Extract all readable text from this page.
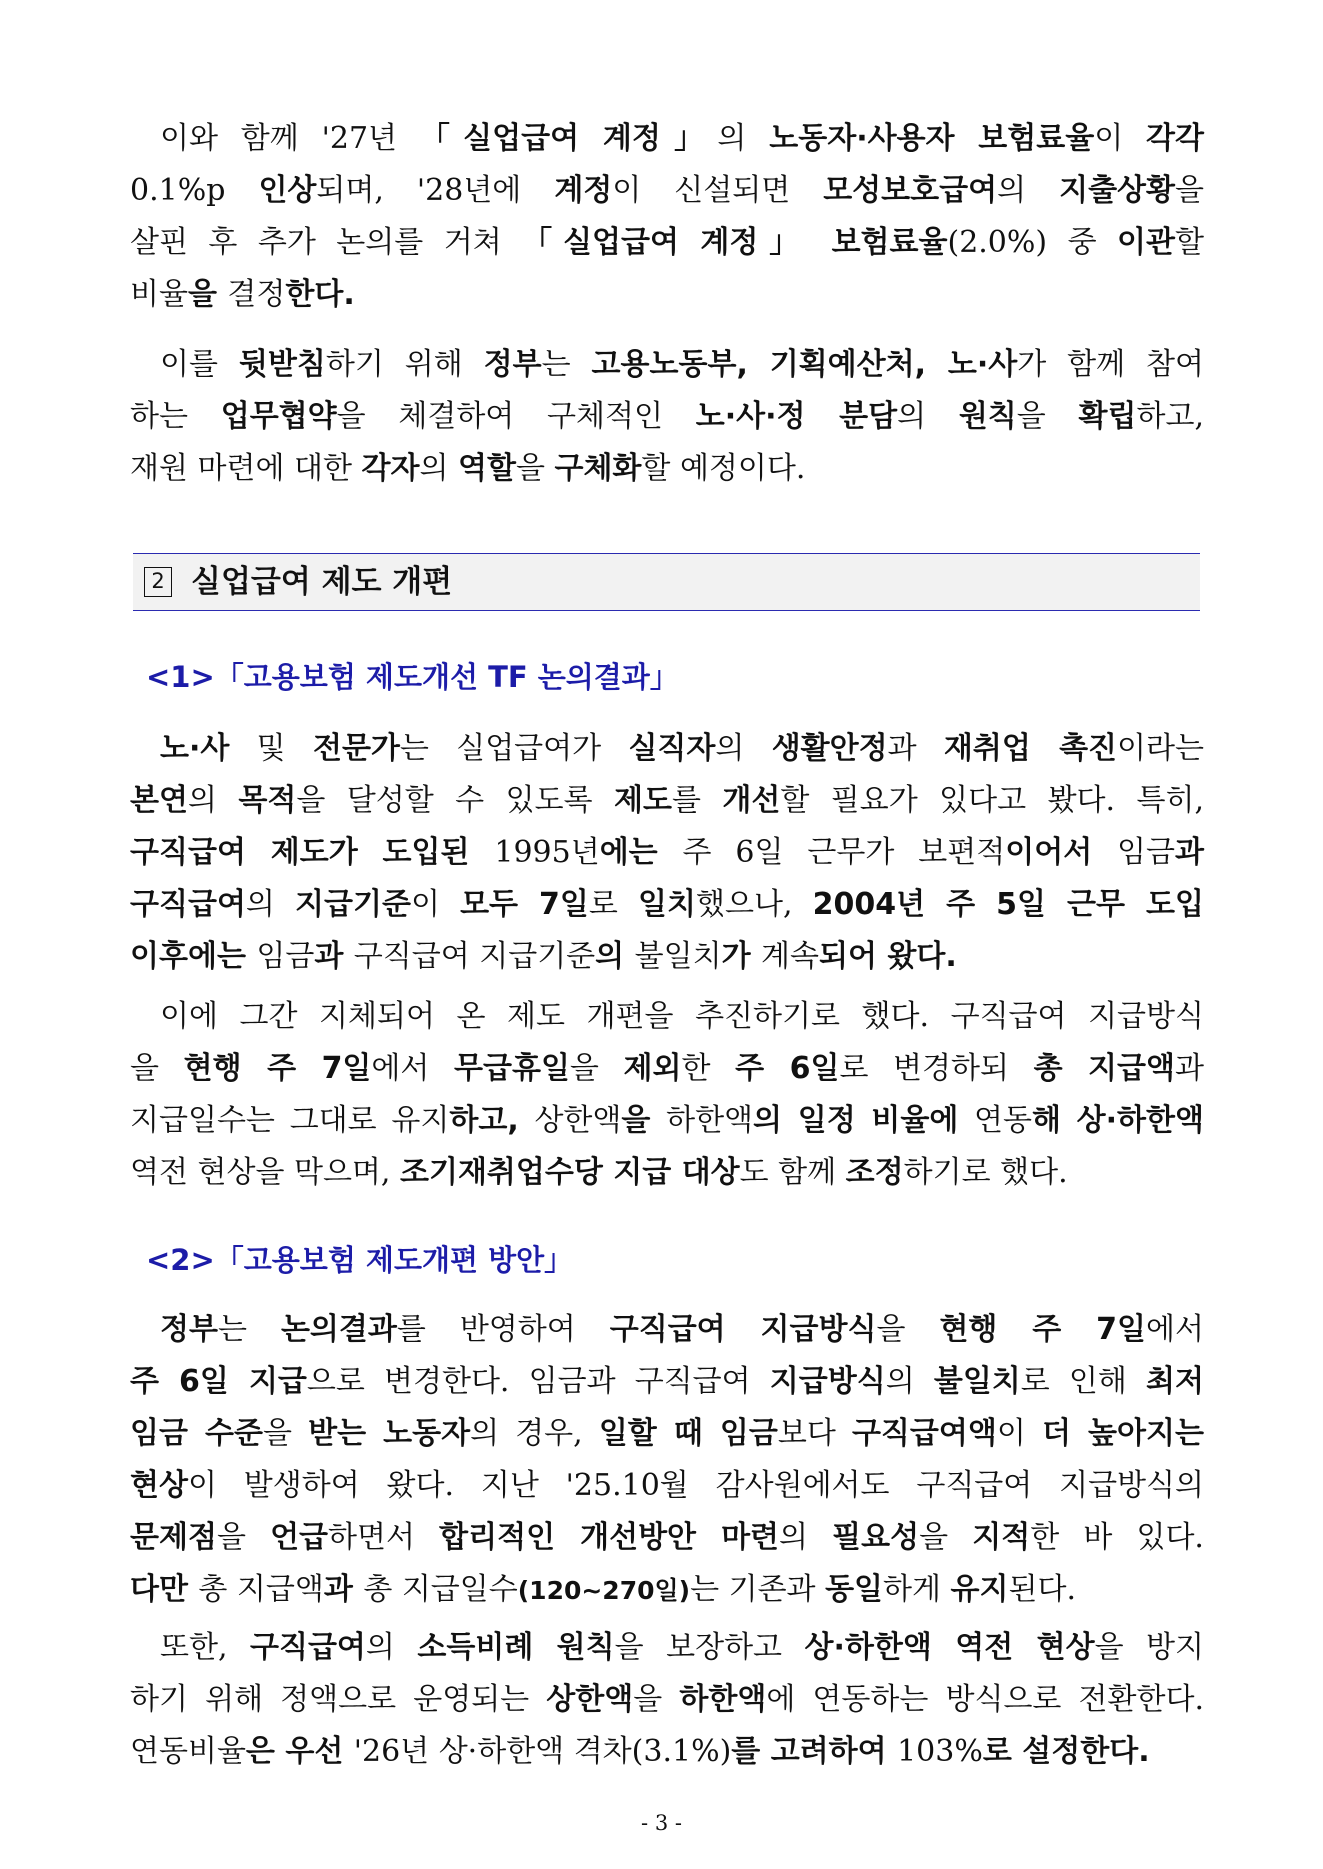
이와 함께 '27년 「실업급여 계정」의 노동자·사용자 보험료율이 각각

0.1%p 인상되며, '28년에 계정이 신설되면 모성보호급여의 지출상황을

살핀 후 추가 논의를 거쳐 「실업급여 계정」 보험료율(2.0%) 중 이관할

비율을 결정한다.

이를 뒷받침하기 위해 정부는 고용노동부, 기획예산처, 노·사가 함께 참여

하는 업무협약을 체결하여 구체적인 노·사·정 분담의 원칙을 확립하고,

재원 마련에 대한 각자의 역할을 구체화할 예정이다.

2 실업급여 제도 개편
<1>「고용보험 제도개선 TF 논의결과」

노·사 및 전문가는 실업급여가 실직자의 생활안정과 재취업 촉진이라는

본연의 목적을 달성할 수 있도록 제도를 개선할 필요가 있다고 봤다. 특히,

구직급여 제도가 도입된 1995년에는 주 6일 근무가 보편적이어서 임금과

구직급여의 지급기준이 모두 7일로 일치했으나, 2004년 주 5일 근무 도입

이후에는 임금과 구직급여 지급기준의 불일치가 계속되어 왔다.

이에 그간 지체되어 온 제도 개편을 추진하기로 했다. 구직급여 지급방식

을 현행 주 7일에서 무급휴일을 제외한 주 6일로 변경하되 총 지급액과

지급일수는 그대로 유지하고, 상한액을 하한액의 일정 비율에 연동해 상·하한액

역전 현상을 막으며, 조기재취업수당 지급 대상도 함께 조정하기로 했다.

<2>「고용보험 제도개편 방안」

정부는 논의결과를 반영하여 구직급여 지급방식을 현행 주 7일에서

주 6일 지급으로 변경한다. 임금과 구직급여 지급방식의 불일치로 인해 최저

임금 수준을 받는 노동자의 경우, 일할 때 임금보다 구직급여액이 더 높아지는

현상이 발생하여 왔다. 지난 '25.10월 감사원에서도 구직급여 지급방식의

문제점을 언급하면서 합리적인 개선방안 마련의 필요성을 지적한 바 있다.

다만 총 지급액과 총 지급일수(120~270일)는 기존과 동일하게 유지된다.

또한, 구직급여의 소득비례 원칙을 보장하고 상·하한액 역전 현상을 방지

하기 위해 정액으로 운영되는 상한액을 하한액에 연동하는 방식으로 전환한다.

연동비율은 우선 '26년 상·하한액 격차(3.1%)를 고려하여 103%로 설정한다.

- 3 -
